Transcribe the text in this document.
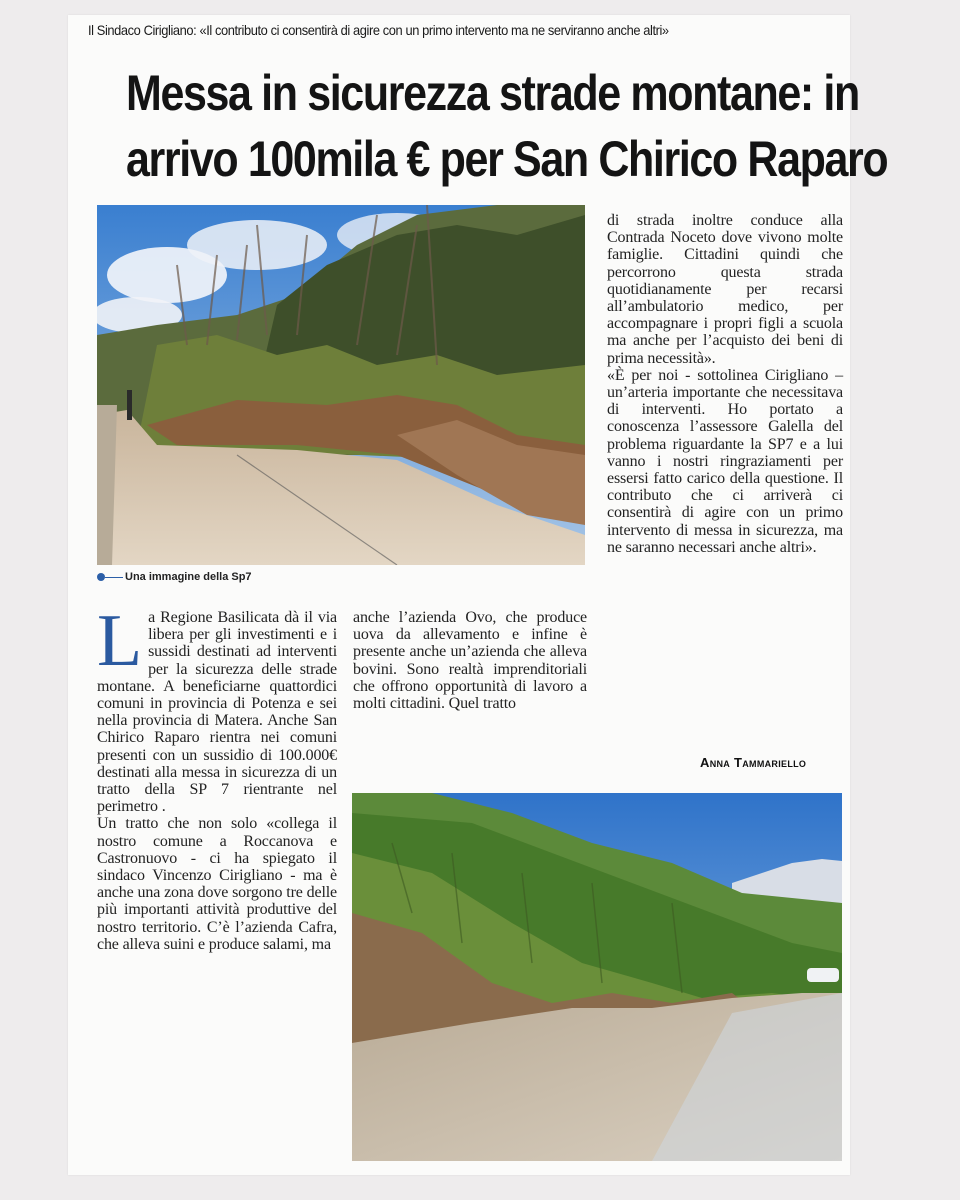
Il Sindaco Cirigliano: «Il contributo ci consentirà di agire con un primo intervento ma ne serviranno anche altri»
Messa in sicurezza strade montane: in
arrivo 100mila € per San Chirico Raparo
Una immagine della Sp7

di strada inoltre conduce alla Contrada Noceto dove vivono molte famiglie. Cittadini quindi che percorrono questa strada quotidianamente per recarsi all’ambulatorio medico, per accompagnare i propri figli a scuola ma anche per l’acquisto dei beni di prima necessità».

«È per noi - sottolinea Cirigliano – un’arteria importante che necessitava di interventi. Ho portato a conoscenza l’assessore Galella del problema riguardante la SP7 e a lui vanno i nostri ringraziamenti per essersi fatto carico della questione. Il contributo che ci arriverà ci consentirà di agire con un primo intervento di messa in sicurezza, ma ne saranno necessari anche altri».

Anna Tammariello
L a Regione Basilicata dà il via libera per gli investimenti e i sussidi destinati ad interventi per la sicurezza delle strade montane. A beneficiarne quattordici comuni in provincia di Potenza e sei nella provincia di Matera. Anche San Chirico Raparo rientra nei comuni presenti con un sussidio di 100.000€ destinati alla messa in sicurezza di un tratto della SP 7 rientrante nel perimetro .

Un tratto che non solo «collega il nostro comune a Roccanova e Castronuovo - ci ha spiegato il sindaco Vincenzo Cirigliano - ma è anche una zona dove sorgono tre delle più importanti attività produttive del nostro territorio. C’è l’azienda Cafra, che alleva suini e produce salami, ma

anche l’azienda Ovo, che produce uova da allevamento e infine è presente anche un’azienda che alleva bovini. Sono realtà imprenditoriali che offrono opportunità di lavoro a molti cittadini. Quel tratto
